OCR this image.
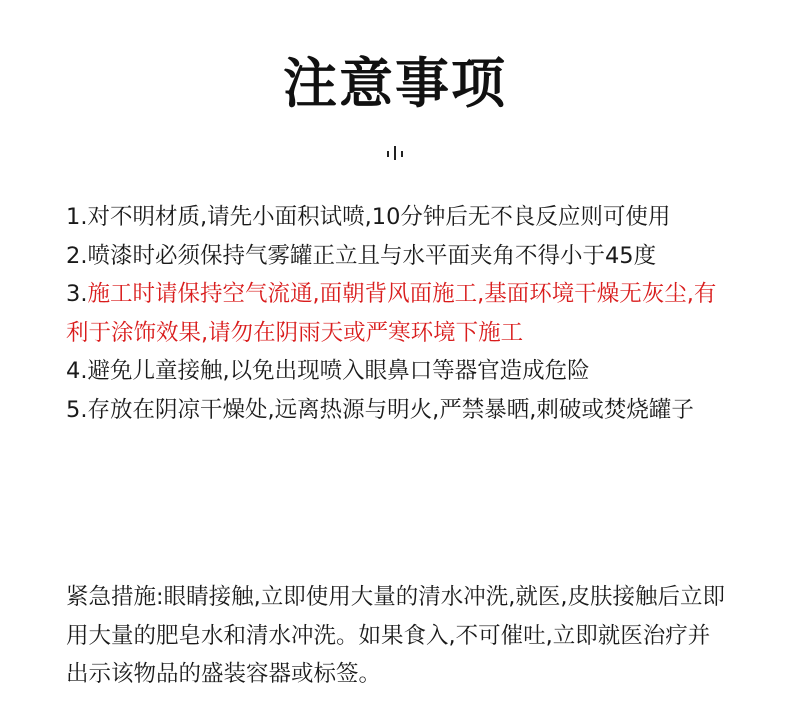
注意事项

1.对不明材质,请先小面积试喷,10分钟后无不良反应则可使用

2.喷漆时必须保持气雾罐正立且与水平面夹角不得小于45度

3.施工时请保持空气流通,面朝背风面施工,基面环境干燥无灰尘,有利于涂饰效果,请勿在阴雨天或严寒环境下施工

4.避免儿童接触,以免出现喷入眼鼻口等器官造成危险

5.存放在阴凉干燥处,远离热源与明火,严禁暴晒,刺破或焚烧罐子

紧急措施:眼睛接触,立即使用大量的清水冲洗,就医,皮肤接触后立即用大量的肥皂水和清水冲洗。如果食入,不可催吐,立即就医治疗并出示该物品的盛装容器或标签。
